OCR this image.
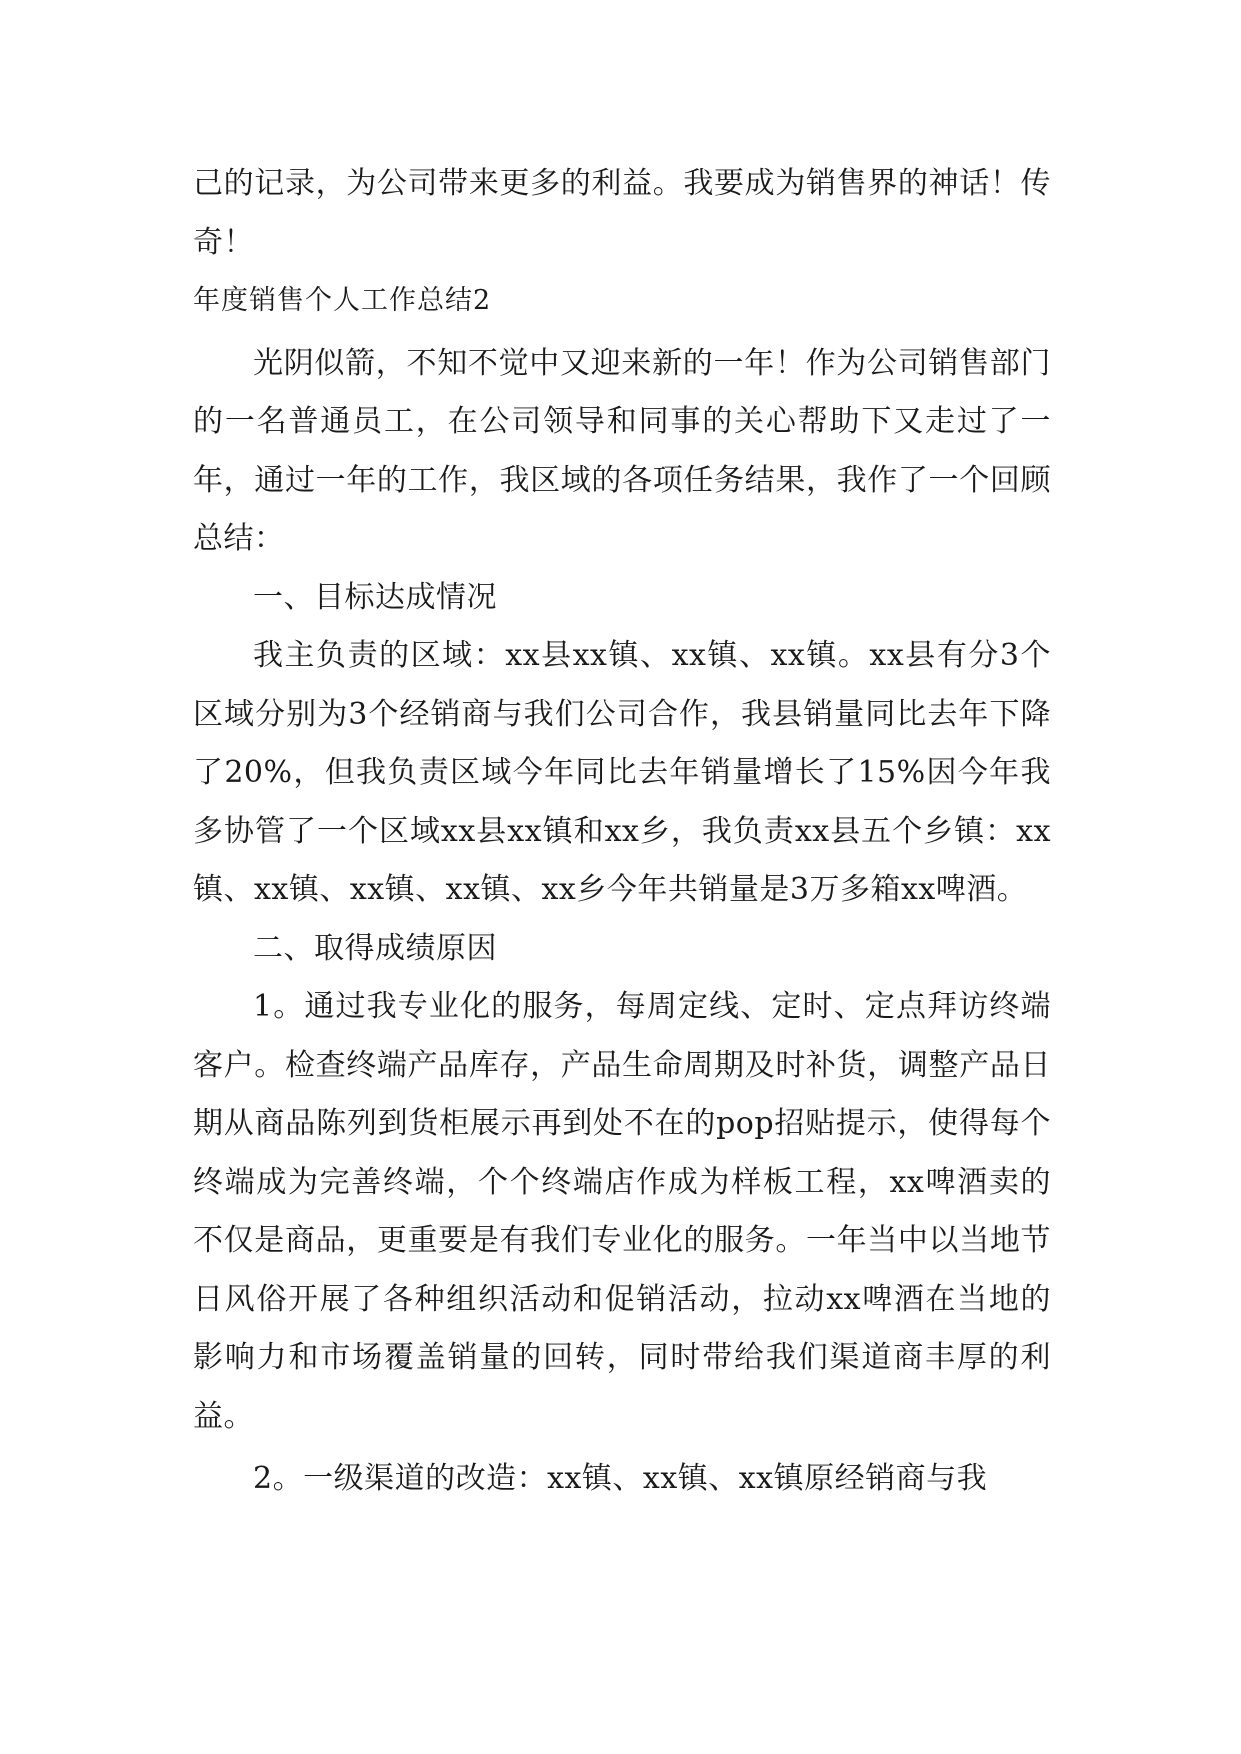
己的记录，为公司带来更多的利益。我要成为销售界的神话！传奇！

年度销售个人工作总结2

光阴似箭，不知不觉中又迎来新的一年！作为公司销售部门的一名普通员工，在公司领导和同事的关心帮助下又走过了一年，通过一年的工作，我区域的各项任务结果，我作了一个回顾总结：

一、目标达成情况

我主负责的区域：xx县xx镇、xx镇、xx镇。xx县有分3个区域分别为3个经销商与我们公司合作，我县销量同比去年下降了20%，但我负责区域今年同比去年销量增长了15%因今年我多协管了一个区域xx县xx镇和xx乡，我负责xx县五个乡镇：xx镇、xx镇、xx镇、xx镇、xx乡今年共销量是3万多箱xx啤酒。

二、取得成绩原因

1。通过我专业化的服务，每周定线、定时、定点拜访终端客户。检查终端产品库存，产品生命周期及时补货，调整产品日期从商品陈列到货柜展示再到处不在的pop招贴提示，使得每个终端成为完善终端，个个终端店作成为样板工程，xx啤酒卖的不仅是商品，更重要是有我们专业化的服务。一年当中以当地节日风俗开展了各种组织活动和促销活动，拉动xx啤酒在当地的影响力和市场覆盖销量的回转，同时带给我们渠道商丰厚的利益。

2。一级渠道的改造：xx镇、xx镇、xx镇原经销商与我
